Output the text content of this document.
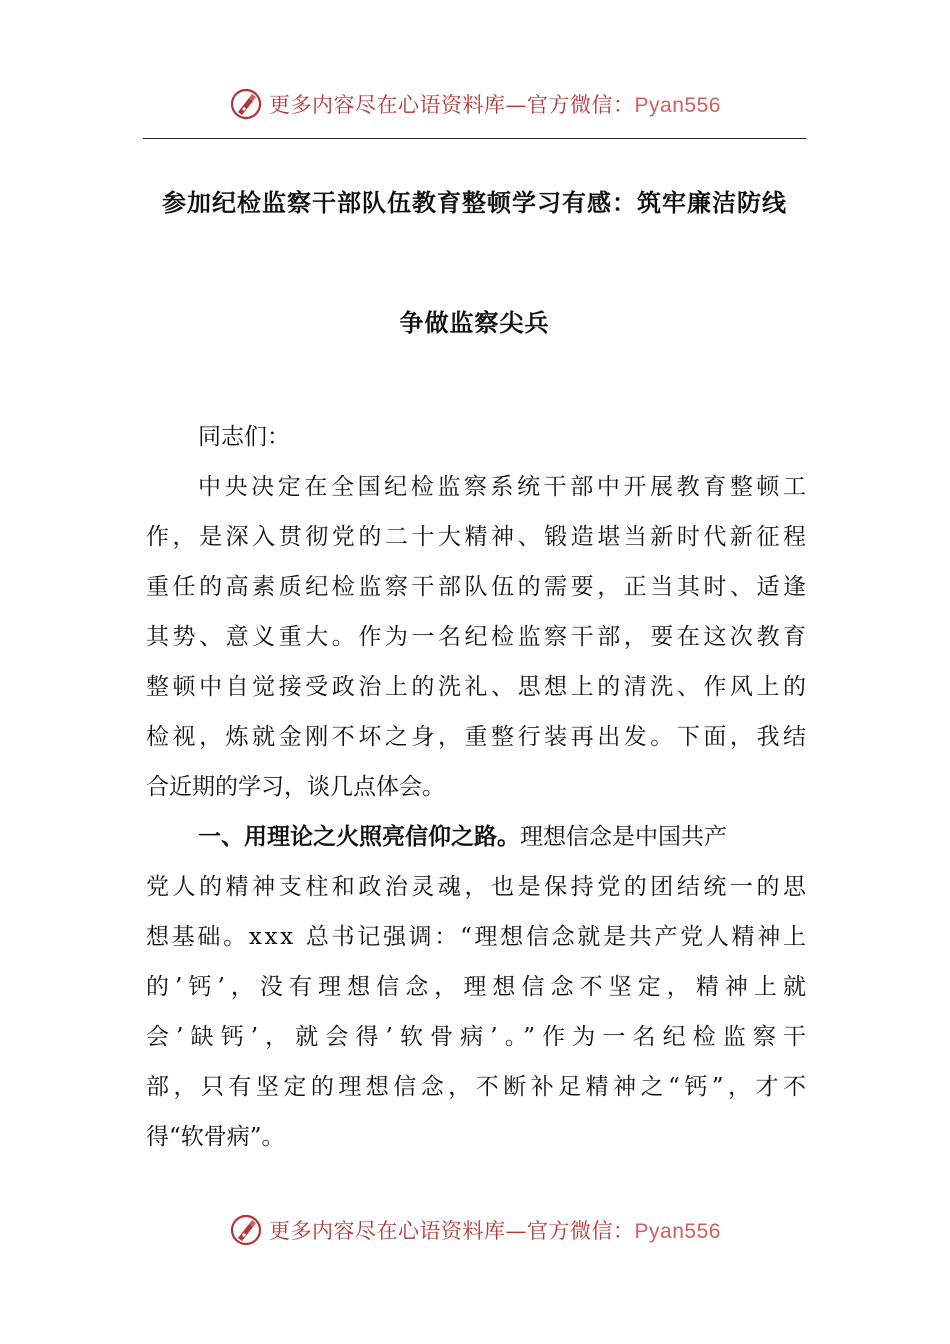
更多内容尽在心语资料库—官方微信：Pyan556
参加纪检监察干部队伍教育整顿学习有感：筑牢廉洁防线
争做监察尖兵
同志们：
中央决定在全国纪检监察系统干部中开展教育整顿工
作，是深入贯彻党的二十大精神、锻造堪当新时代新征程
重任的高素质纪检监察干部队伍的需要，正当其时、适逢
其势、意义重大。作为一名纪检监察干部，要在这次教育
整顿中自觉接受政治上的洗礼、思想上的清洗、作风上的
检视，炼就金刚不坏之身，重整行装再出发。下面，我结
合近期的学习，谈几点体会。
一、用理论之火照亮信仰之路。 理想信念是中国共产
党人的精神支柱和政治灵魂，也是保持党的团结统一的思
想基础。xxx 总书记强调：“理想信念就是共产党人精神上
的’钙’，没有理想信念，理想信念不坚定，精神上就
会’缺钙’，就会得’软骨病’。”作为一名纪检监察干
部，只有坚定的理想信念，不断补足精神之“钙”，才不
得“软骨病”。
更多内容尽在心语资料库—官方微信：Pyan556
